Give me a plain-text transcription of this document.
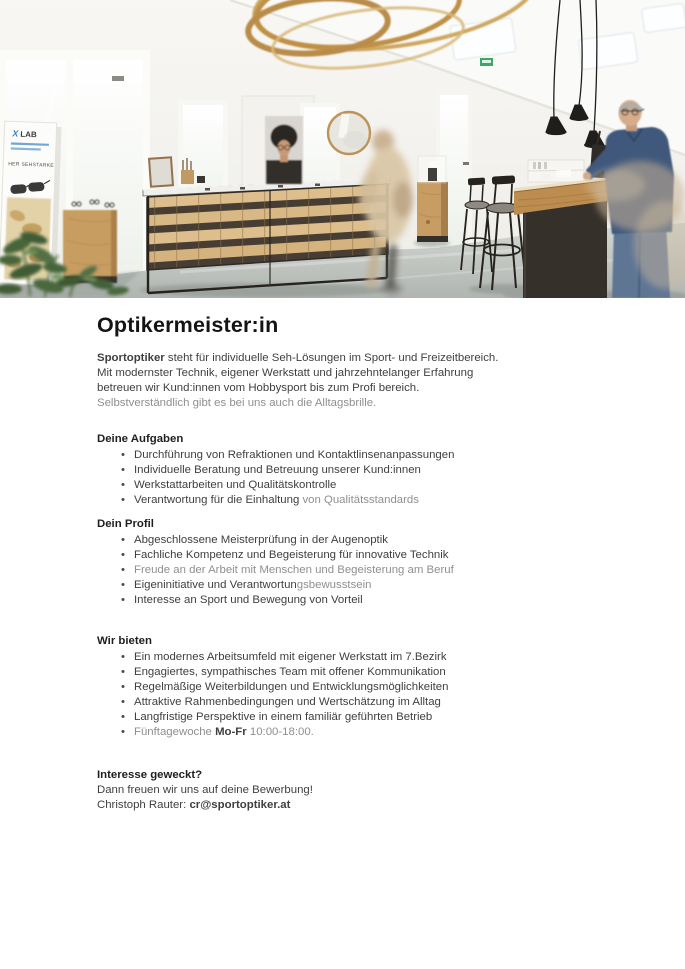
X LAB
HER SEHSTARKE
Optikermeister:in
Sportoptiker steht für individuelle Seh-Lösungen im Sport- und Freizeitbereich.
Mit modernster Technik, eigener Werkstatt und jahrzehntelanger Erfahrung
betreuen wir Kund:innen vom Hobbysport bis zum Profi bereich.
Selbstverständlich gibt es bei uns auch die Alltagsbrille.
Deine Aufgaben
• Durchführung von Refraktionen und Kontaktlinsenanpassungen
• Individuelle Beratung und Betreuung unserer Kund:innen
• Werkstattarbeiten und Qualitätskontrolle
• Verantwortung für die Einhaltung von Qualitätsstandards
Dein Profil
• Abgeschlossene Meisterprüfung in der Augenoptik
• Fachliche Kompetenz und Begeisterung für innovative Technik
• Freude an der Arbeit mit Menschen und Begeisterung am Beruf
• Eigeninitiative und Verantwortungsbewusstsein
• Interesse an Sport und Bewegung von Vorteil
Wir bieten
• Ein modernes Arbeitsumfeld mit eigener Werkstatt im 7.Bezirk
• Engagiertes, sympathisches Team mit offener Kommunikation
• Regelmäßige Weiterbildungen und Entwicklungsmöglichkeiten
• Attraktive Rahmenbedingungen und Wertschätzung im Alltag
• Langfristige Perspektive in einem familiär geführten Betrieb
• Fünftagewoche Mo-Fr 10:00-18:00.
Interesse geweckt?
Dann freuen wir uns auf deine Bewerbung!
Christoph Rauter: cr@sportoptiker.at
